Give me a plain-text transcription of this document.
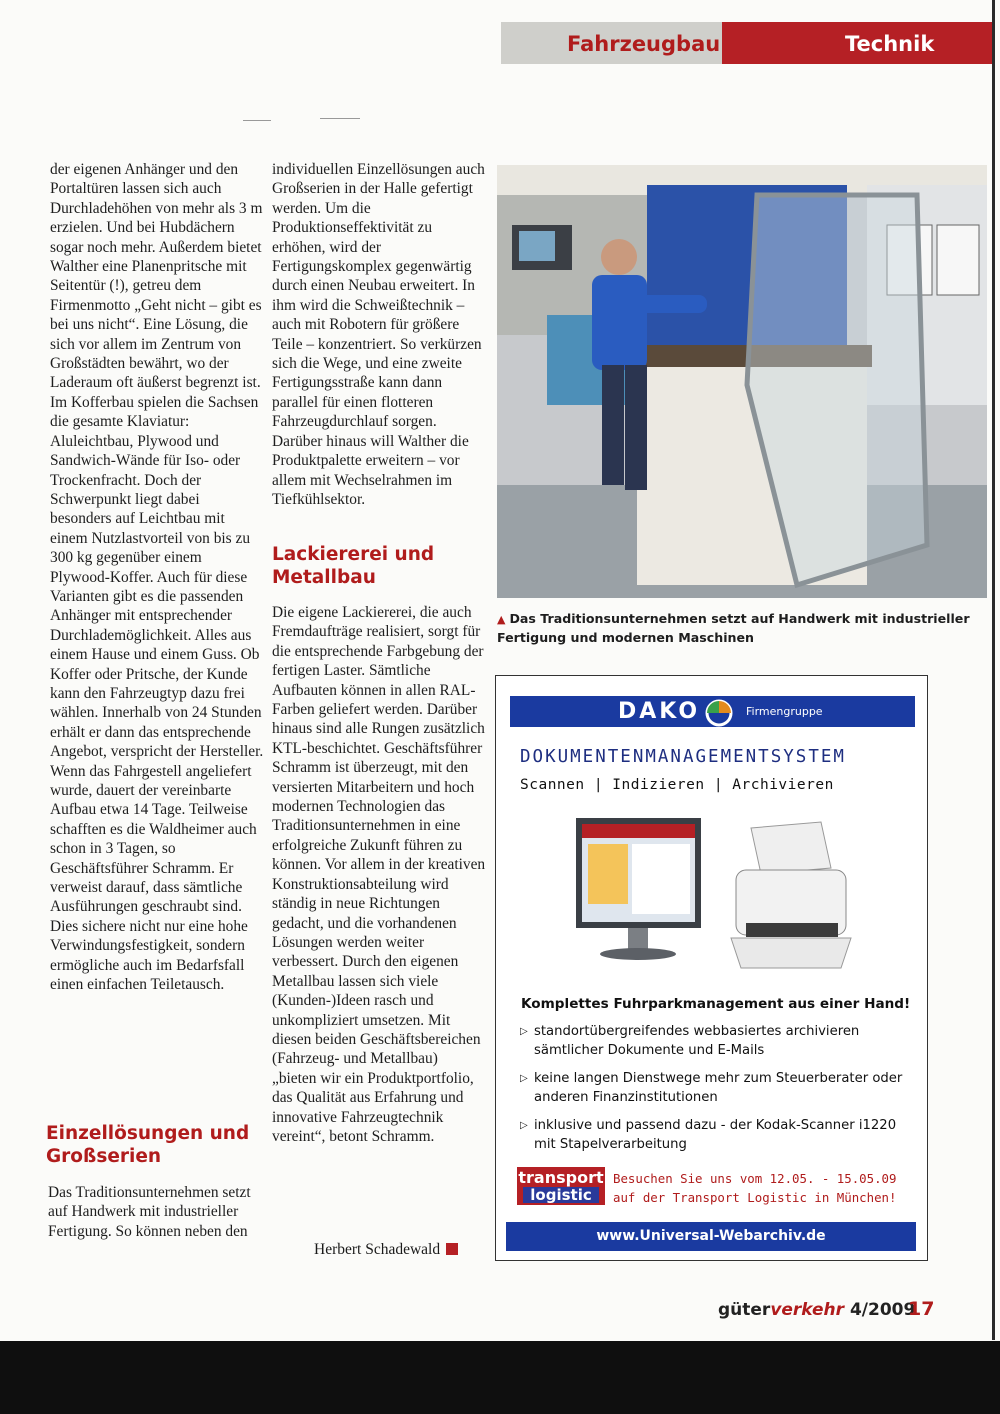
Fahrzeugbau	Technik

der eigenen Anhänger und den Portaltüren lassen sich auch Durchladehöhen von mehr als 3 m erzielen. Und bei Hubdächern sogar noch mehr. Außerdem bietet Walther eine Planenpritsche mit Seitentür (!), getreu dem Firmenmotto „Geht nicht – gibt es bei uns nicht“. Eine Lösung, die sich vor allem im Zentrum von Großstädten bewährt, wo der Laderaum oft äußerst begrenzt ist. Im Kofferbau spielen die Sachsen die gesamte Klaviatur: Aluleichtbau, Plywood und Sandwich-Wände für Iso- oder Trockenfracht. Doch der Schwerpunkt liegt dabei besonders auf Leichtbau mit einem Nutzlastvorteil von bis zu 300 kg gegenüber einem Plywood-Koffer. Auch für diese Varianten gibt es die passenden Anhänger mit entsprechender Durchlademöglichkeit. Alles aus einem Hause und einem Guss. Ob Koffer oder Pritsche, der Kunde kann den Fahrzeugtyp dazu frei wählen. Innerhalb von 24 Stunden erhält er dann das entsprechende Angebot, verspricht der Hersteller. Wenn das Fahrgestell angeliefert wurde, dauert der vereinbarte Aufbau etwa 14 Tage. Teilweise schafften es die Waldheimer auch schon in 3 Tagen, so Geschäftsführer Schramm. Er verweist darauf, dass sämtliche Ausführungen geschraubt sind. Dies sichere nicht nur eine hohe Verwindungsfestigkeit, sondern ermögliche auch im Bedarfsfall einen einfachen Teiletausch.

Einzellösungen und Großserien

Das Traditionsunternehmen setzt auf Handwerk mit industrieller Fertigung. So können neben den

individuellen Einzellösungen auch Großserien in der Halle gefertigt werden. Um die Produktionseffektivität zu erhöhen, wird der Fertigungskomplex gegenwärtig durch einen Neubau erweitert. In ihm wird die Schweißtechnik – auch mit Robotern für größere Teile – konzentriert. So verkürzen sich die Wege, und eine zweite Fertigungsstraße kann dann parallel für einen flotteren Fahrzeugdurchlauf sorgen. Darüber hinaus will Walther die Produktpalette erweitern – vor allem mit Wechselrahmen im Tiefkühlsektor.

Lackiererei und Metallbau

Die eigene Lackiererei, die auch Fremdaufträge realisiert, sorgt für die entsprechende Farbgebung der fertigen Laster. Sämtliche Aufbauten können in allen RAL-Farben geliefert werden. Darüber hinaus sind alle Rungen zusätzlich KTL-beschichtet. Geschäftsführer Schramm ist überzeugt, mit den versierten Mitarbeitern und hoch modernen Technologien das Traditionsunternehmen in eine erfolgreiche Zukunft führen zu können. Vor allem in der kreativen Konstruktionsabteilung wird ständig in neue Richtungen gedacht, und die vorhandenen Lösungen werden weiter verbessert. Durch den eigenen Metallbau lassen sich viele (Kunden-)Ideen rasch und unkompliziert umsetzen. Mit diesen beiden Geschäftsbereichen (Fahrzeug- und Metallbau) „bieten wir ein Produktportfolio, das Qualität aus Erfahrung und innovative Fahrzeugtechnik vereint“, betont Schramm.

Herbert Schadewald
▲ Das Traditionsunternehmen setzt auf Handwerk mit industrieller Fertigung und modernen Maschinen
DAKO	Firmengruppe
DOKUMENTENMANAGEMENTSYSTEM
Scannen | Indizieren | Archivieren
Komplettes Fuhrparkmanagement aus einer Hand!
▷ standortübergreifendes webbasiertes archivieren sämtlicher Dokumente und E-Mails
▷ keine langen Dienstwege mehr zum Steuerberater oder anderen Finanzinstitutionen
▷ inklusive und passend dazu - der Kodak-Scanner i1220 mit Stapelverarbeitung
transport
logistic
Besuchen Sie uns vom 12.05. - 15.05.09
auf der Transport Logistic in München!
www.Universal-Webarchiv.de
güterverkehr 4/2009
17
